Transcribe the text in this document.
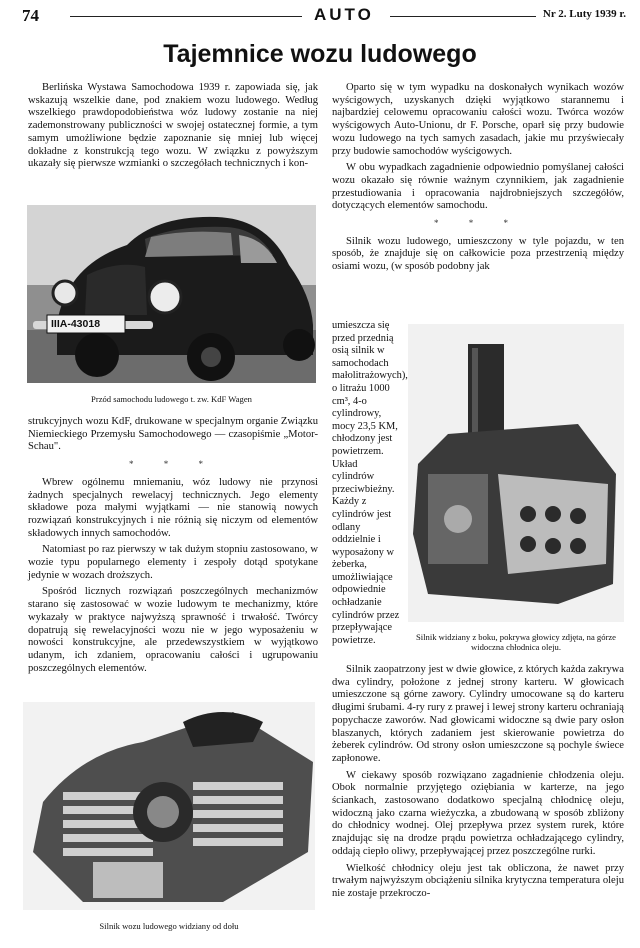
74	AUTO	Nr 2. Luty 1939 r.
Tajemnice wozu ludowego

Berlińska Wystawa Samochodowa 1939 r. zapowiada się, jak wskazują wszelkie dane, pod znakiem wozu ludowego. Według wszelkiego prawdopodobieństwa wóz ludowy zostanie na niej zademonstrowany publiczności w swojej ostatecznej formie, a tym samym umożliwione będzie zapoznanie się mniej lub więcej dokładne z konstrukcją tego wozu. W związku z powyższym ukazały się pierwsze wzmianki o szczegółach technicznych i kon-

IIIA-43018
Przód samochodu ludowego t. zw. KdF Wagen

strukcyjnych wozu KdF, drukowane w specjalnym organie Związku Niemieckiego Przemysłu Samochodowego — czasopiśmie „Motor-Schau".

* * *

Wbrew ogólnemu mniemaniu, wóz ludowy nie przynosi żadnych specjalnych rewelacyj technicznych. Jego elementy składowe poza małymi wyjątkami — nie stanowią nowych rozwiązań konstrukcyjnych i nie różnią się niczym od elementów składowych innych samochodów.

Natomiast po raz pierwszy w tak dużym stopniu zastosowano, w wozie typu popularnego elementy i zespoły dotąd spotykane jedynie w wozach droższych.

Spośród licznych rozwiązań poszczególnych mechanizmów starano się zastosować w wozie ludowym te mechanizmy, które wykazały w praktyce najwyższą sprawność i trwałość. Twórcy dopatrują się rewelacyjności wozu nie w jego wyposażeniu w nowości konstrukcyjne, ale przedewszystkiem w wyjątkowo udanym, ich zdaniem, opracowaniu całości i ugrupowaniu poszczególnych elementów.

Silnik wozu ludowego widziany od dołu

Oparto się w tym wypadku na doskonałych wynikach wozów wyścigowych, uzyskanych dzięki wyjątkowo starannemu i najbardziej celowemu opracowaniu całości wozu. Twórca wozów wyścigowych Auto-Unionu, dr F. Porsche, oparł się przy budowie wozu ludowego na tych samych zasadach, jakie mu przyświecały przy budowie samochodów wyścigowych.

W obu wypadkach zagadnienie odpowiednio pomyślanej całości wozu okazało się równie ważnym czynnikiem, jak zagadnienie przestudiowania i opracowania najdrobniejszych szczegółów, dotyczących elementów samochodu.

* * *

Silnik wozu ludowego, umieszczony w tyle pojazdu, w ten sposób, że znajduje się on całkowicie poza przestrzenią między osiami wozu, (w sposób podobny jak

umieszcza się przed przednią osią silnik w samochodach małolitrażowych), o litrażu 1000 cm³, 4-o cylindrowy, mocy 23,5 KM, chłodzony jest powietrzem. Układ cylindrów przeciwbieżny. Każdy z cylindrów jest odlany oddzielnie i wyposażony w żeberka, umożliwiające odpowiednie ochładzanie cylindrów przez przepływające powietrze.	Silnik widziany z boku, pokrywa głowicy zdjęta, na górze widoczna chłodnica oleju.

Silnik zaopatrzony jest w dwie głowice, z których każda zakrywa dwa cylindry, położone z jednej strony karteru. W głowicach umieszczone są górne zawory. Cylindry umocowane są do karteru długimi śrubami. 4-ry rury z prawej i lewej strony karteru ochraniają popychacze zaworów. Nad głowicami widoczne są dwie pary osłon blaszanych, których zadaniem jest skierowanie powietrza do żeberek cylindrów. Od strony osłon umieszczone są pochyle świece zapłonowe.

W ciekawy sposób rozwiązano zagadnienie chłodzenia oleju. Obok normalnie przyjętego oziębiania w karterze, na jego ściankach, zastosowano dodatkowo specjalną chłodnicę oleju, widoczną jako czarna wieżyczka, a zbudowaną w sposób zbliżony do chłodnicy wodnej. Olej przepływa przez system rurek, które znajdując się na drodze prądu powietrza ochładzającego cylindry, oddają ciepło oliwy, przepływającej przez poszczególne rurki.

Wielkość chłodnicy oleju jest tak obliczona, że nawet przy trwałym najwyższym obciążeniu silnika krytyczna temperatura oleju nie zostaje przekroczo-
